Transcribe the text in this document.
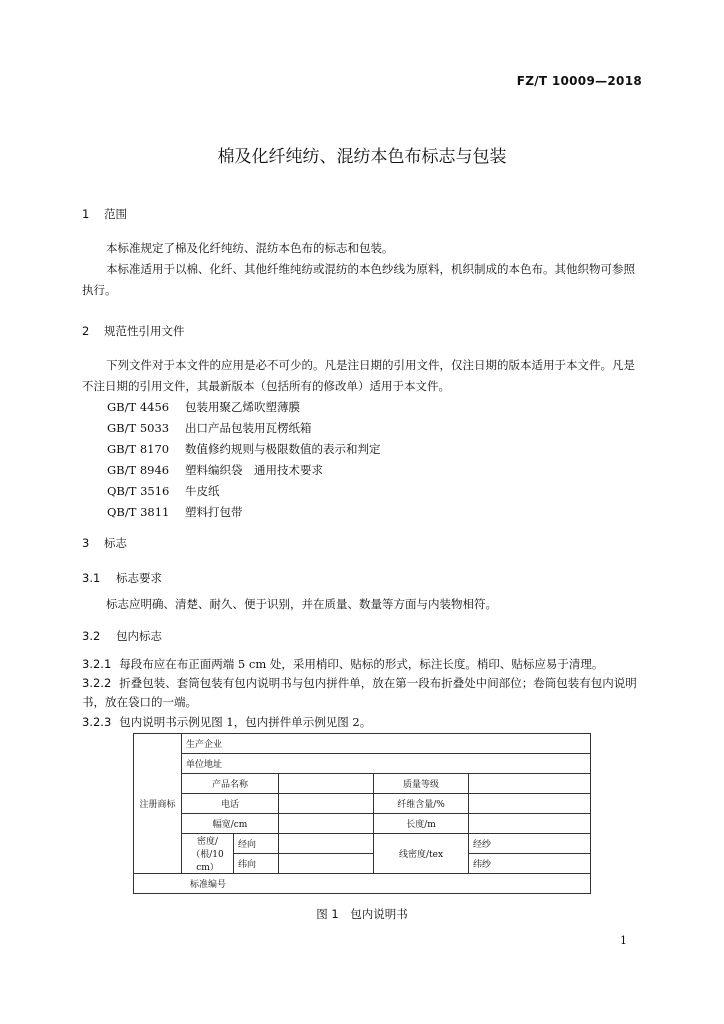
FZ/T 10009—2018
棉及化纤纯纺、混纺本色布标志与包装
1 范围

本标准规定了棉及化纤纯纺、混纺本色布的标志和包装。

本标准适用于以棉、化纤、其他纤维纯纺或混纺的本色纱线为原料，机织制成的本色布。其他织物可参照执行。

2 规范性引用文件

下列文件对于本文件的应用是必不可少的。凡是注日期的引用文件，仅注日期的版本适用于本文件。凡是不注日期的引用文件，其最新版本（包括所有的修改单）适用于本文件。

GB/T 4456 包装用聚乙烯吹塑薄膜
GB/T 5033 出口产品包装用瓦楞纸箱
GB/T 8170 数值修约规则与极限数值的表示和判定
GB/T 8946 塑料编织袋　通用技术要求
QB/T 3516 牛皮纸
QB/T 3811 塑料打包带
3 标志
3.1 标志要求

标志应明确、清楚、耐久、便于识别，并在质量、数量等方面与内装物相符。

3.2 包内标志
3.2.1 每段布应在布正面两端 5 cm 处，采用梢印、贴标的形式，标注长度。梢印、贴标应易于清理。
3.2.2 折叠包装、套筒包装有包内说明书与包内拼件单，放在第一段布折叠处中间部位；卷筒包装有包内说明书，放在袋口的一端。
3.2.3 包内说明书示例见图 1，包内拼件单示例见图 2。
注册商标	生产企业				
	单位地址				
	产品名称			质量等级	
	电话			纤维含量/%	
	幅宽/cm			长度/m	
	密度/（根/10 cm）	经向		线密度/tex	经纱
		纬向			纬纱
标准编号					
图 1　包内说明书
1
